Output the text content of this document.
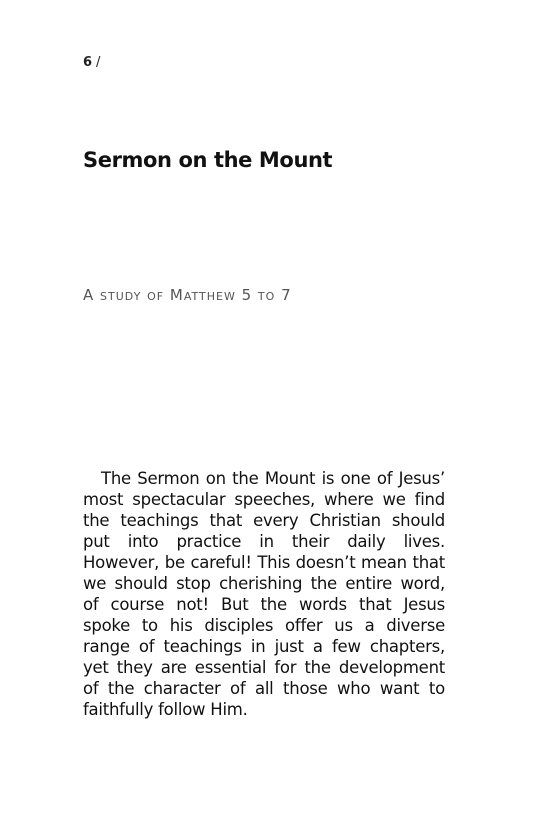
6 /
Sermon on the Mount

A study of Matthew 5 to 7

The Sermon on the Mount is one of Jesus’ most spectacular speeches, where we find the teachings that every Christian should put into practice in their daily lives. However, be careful! This doesn’t mean that we should stop cherishing the entire word, of course not! But the words that Jesus spoke to his disciples offer us a diverse range of teachings in just a few chapters, yet they are essential for the development of the character of all those who want to faithfully follow Him.
